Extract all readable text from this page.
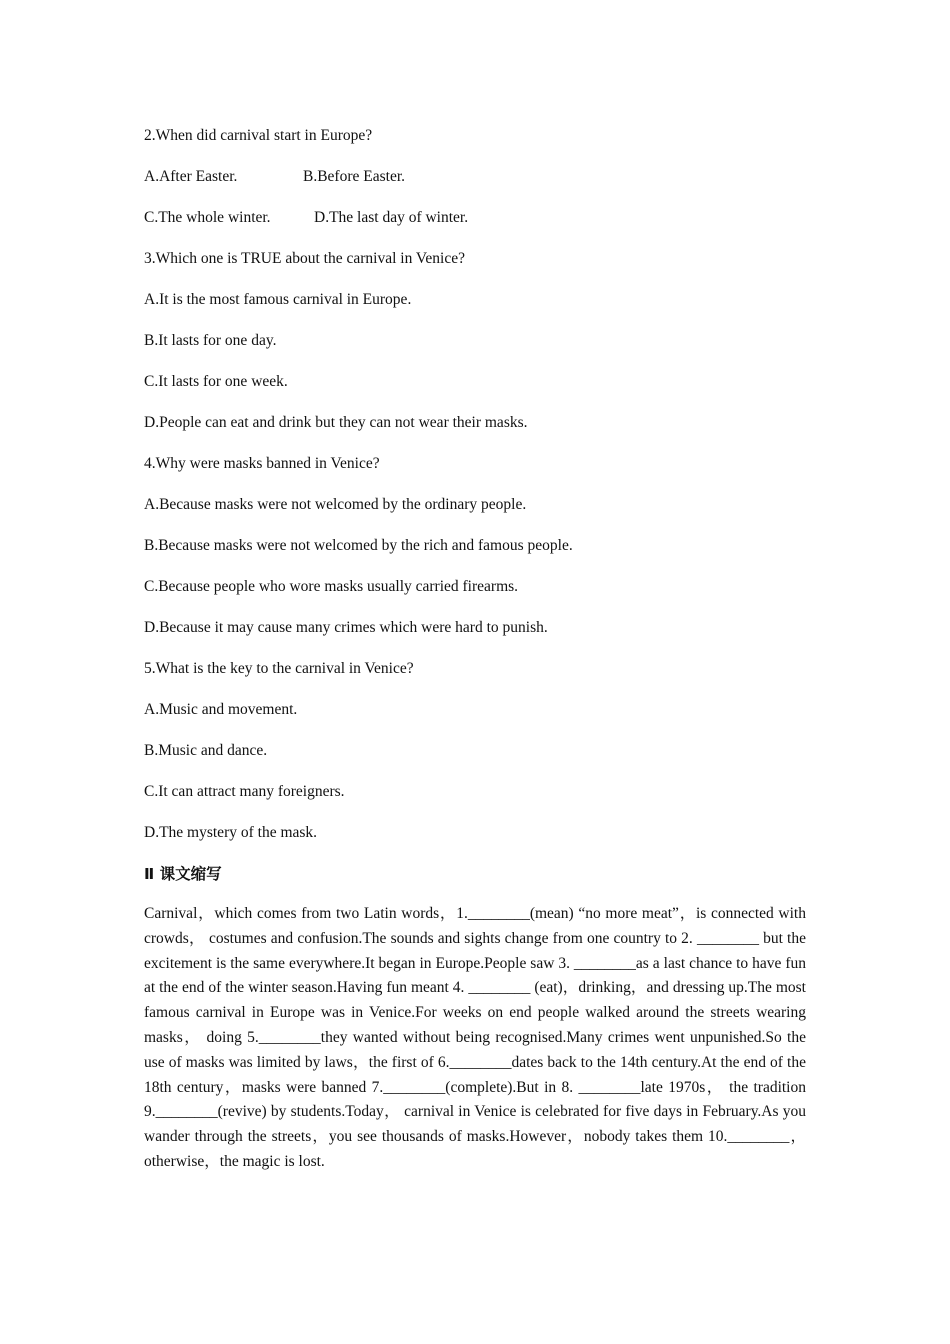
2.When did carnival start in Europe?
A.After Easter.	B.Before Easter.
C.The whole winter.	D.The last day of winter.
3.Which one is TRUE about the carnival in Venice?
A.It is the most famous carnival in Europe.
B.It lasts for one day.
C.It lasts for one week.
D.People can eat and drink but they can not wear their masks.
4.Why were masks banned in Venice?
A.Because masks were not welcomed by the ordinary people.
B.Because masks were not welcomed by the rich and famous people.
C.Because people who wore masks usually carried firearms.
D.Because it may cause many crimes which were hard to punish.
5.What is the key to the carnival in Venice?
A.Music and movement.
B.Music and dance.
C.It can attract many foreigners.
D.The mystery of the mask.
Ⅱ 课文缩写

Carnival，which comes from two Latin words，1.________(mean) “no more meat”，is connected with crowds， costumes and confusion.The sounds and sights change from one country to 2. ________ but the excitement is the same everywhere.It began in Europe.People saw 3. ________as a last chance to have fun at the end of the winter season.Having fun meant 4. ________ (eat)，drinking，and dressing up.The most famous carnival in Europe was in Venice.For weeks on end people walked around the streets wearing masks， doing 5.________they wanted without being recognised.Many crimes went unpunished.So the use of masks was limited by laws，the first of 6.________dates back to the 14th century.At the end of the 18th century，masks were banned 7.________(complete).But in 8. ________late 1970s， the tradition 9.________(revive) by students.Today， carnival in Venice is celebrated for five days in February.As you wander through the streets，you see thousands of masks.However，nobody takes them 10.________， otherwise，the magic is lost.
